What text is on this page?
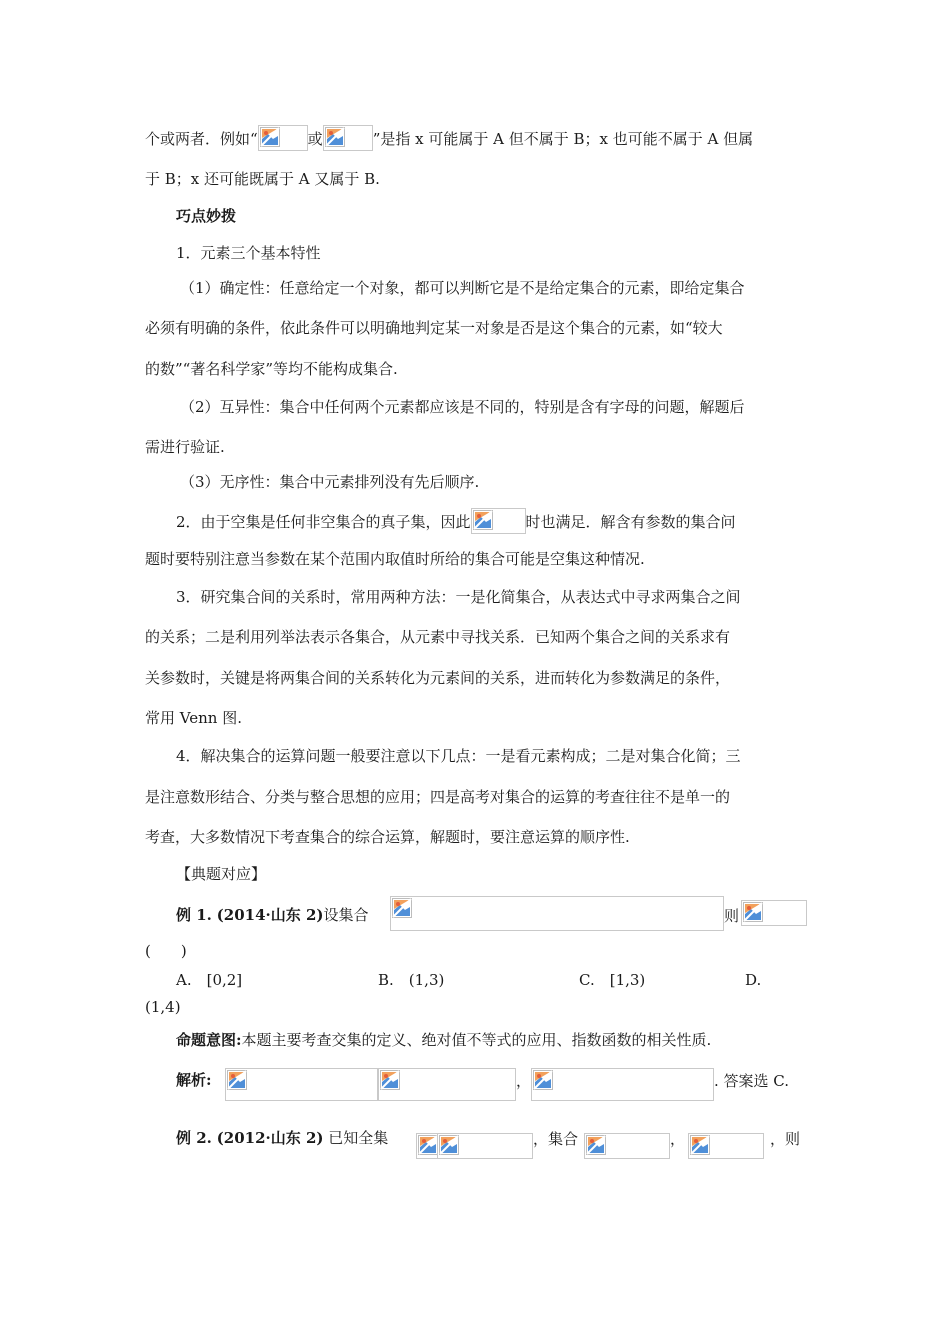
个或两者．例如“	或	”是指 x 可能属于 A 但不属于 B；x 也可能不属于 A 但属
于 B；x 还可能既属于 A 又属于 B.
巧点妙拨
1．元素三个基本特性
（1）确定性：任意给定一个对象，都可以判断它是不是给定集合的元素，即给定集合
必须有明确的条件，依此条件可以明确地判定某一对象是否是这个集合的元素，如“较大
的数”“著名科学家”等均不能构成集合.
（2）互异性：集合中任何两个元素都应该是不同的，特别是含有字母的问题，解题后
需进行验证.
（3）无序性：集合中元素排列没有先后顺序.
2．由于空集是任何非空集合的真子集，因此	时也满足．解含有参数的集合问
题时要特别注意当参数在某个范围内取值时所给的集合可能是空集这种情况.
3．研究集合间的关系时，常用两种方法：一是化简集合，从表达式中寻求两集合之间
的关系；二是利用列举法表示各集合，从元素中寻找关系．已知两个集合之间的关系求有
关参数时，关键是将两集合间的关系转化为元素间的关系，进而转化为参数满足的条件，
常用 Venn 图.
4．解决集合的运算问题一般要注意以下几点：一是看元素构成；二是对集合化简；三
是注意数形结合、分类与整合思想的应用；四是高考对集合的运算的考查往往不是单一的
考查，大多数情况下考查集合的综合运算，解题时，要注意运算的顺序性.
【典题对应】
例 1. (2014·山东 2)设集合	则
(　　)
A.　[0,2]	B.　(1,3)	C.　[1,3)	D.
(1,4)
命题意图:本题主要考查交集的定义、绝对值不等式的应用、指数函数的相关性质.
解析:	，	. 答案选 C.
例 2. (2012·山东 2) 已知全集	，集合	，	，则
